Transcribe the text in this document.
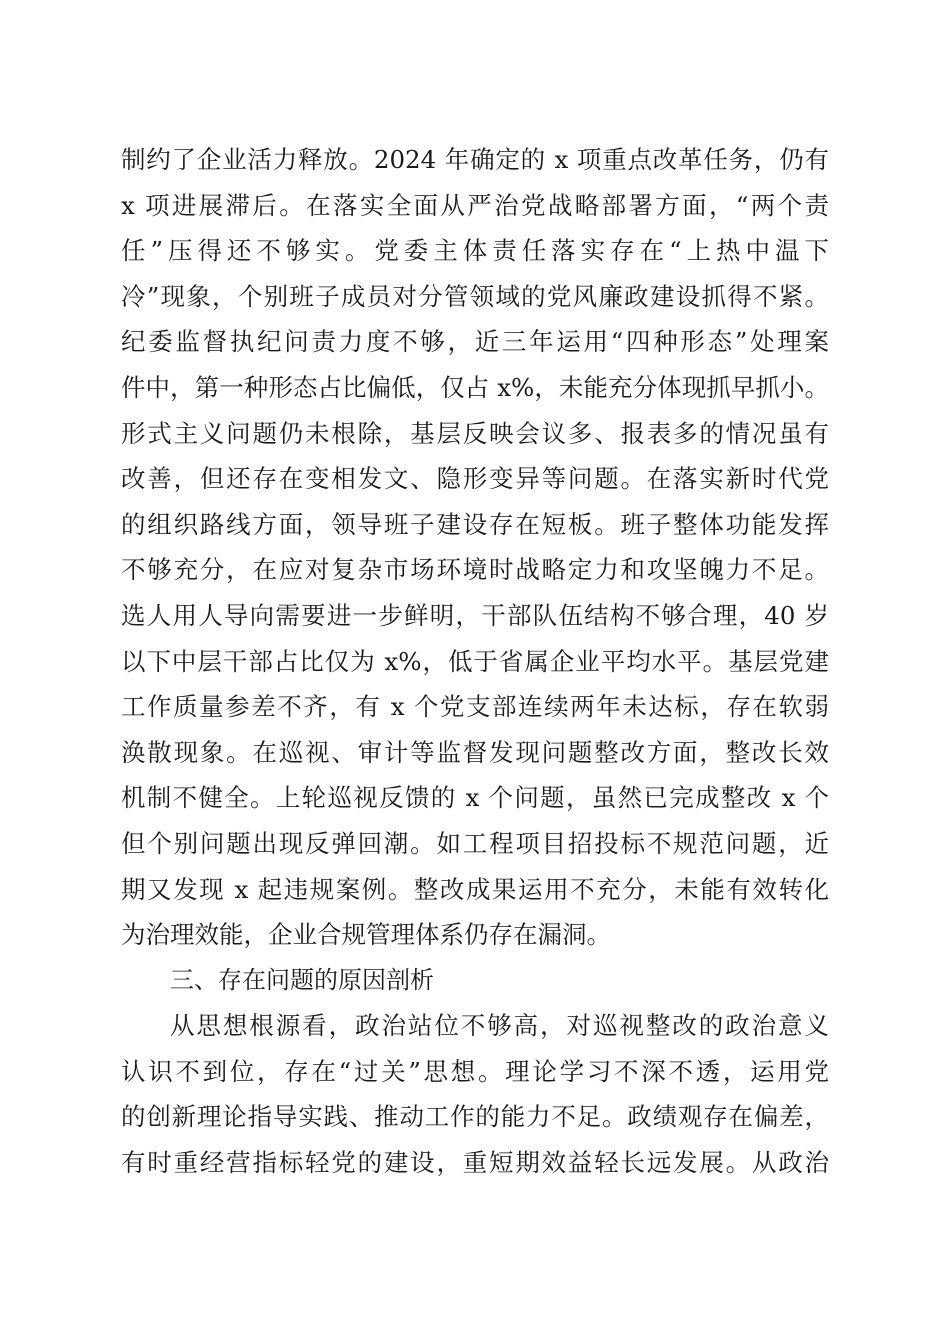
制约了企业活力释放。2024 年确定的 x 项重点改革任务，仍有
x 项进展滞后。在落实全面从严治党战略部署方面，“两个责
任”压得还不够实。党委主体责任落实存在“上热中温下
冷”现象，个别班子成员对分管领域的党风廉政建设抓得不紧。
纪委监督执纪问责力度不够，近三年运用“四种形态”处理案
件中，第一种形态占比偏低，仅占 x%，未能充分体现抓早抓小。
形式主义问题仍未根除，基层反映会议多、报表多的情况虽有
改善，但还存在变相发文、隐形变异等问题。在落实新时代党
的组织路线方面，领导班子建设存在短板。班子整体功能发挥
不够充分，在应对复杂市场环境时战略定力和攻坚魄力不足。
选人用人导向需要进一步鲜明，干部队伍结构不够合理，40 岁
以下中层干部占比仅为 x%，低于省属企业平均水平。基层党建
工作质量参差不齐，有 x 个党支部连续两年未达标，存在软弱
涣散现象。在巡视、审计等监督发现问题整改方面，整改长效
机制不健全。上轮巡视反馈的 x 个问题，虽然已完成整改 x 个
但个别问题出现反弹回潮。如工程项目招投标不规范问题，近
期又发现 x 起违规案例。整改成果运用不充分，未能有效转化
为治理效能，企业合规管理体系仍存在漏洞。
三、存在问题的原因剖析
从思想根源看，政治站位不够高，对巡视整改的政治意义
认识不到位，存在“过关”思想。理论学习不深不透，运用党
的创新理论指导实践、推动工作的能力不足。政绩观存在偏差，
有时重经营指标轻党的建设，重短期效益轻长远发展。从政治
